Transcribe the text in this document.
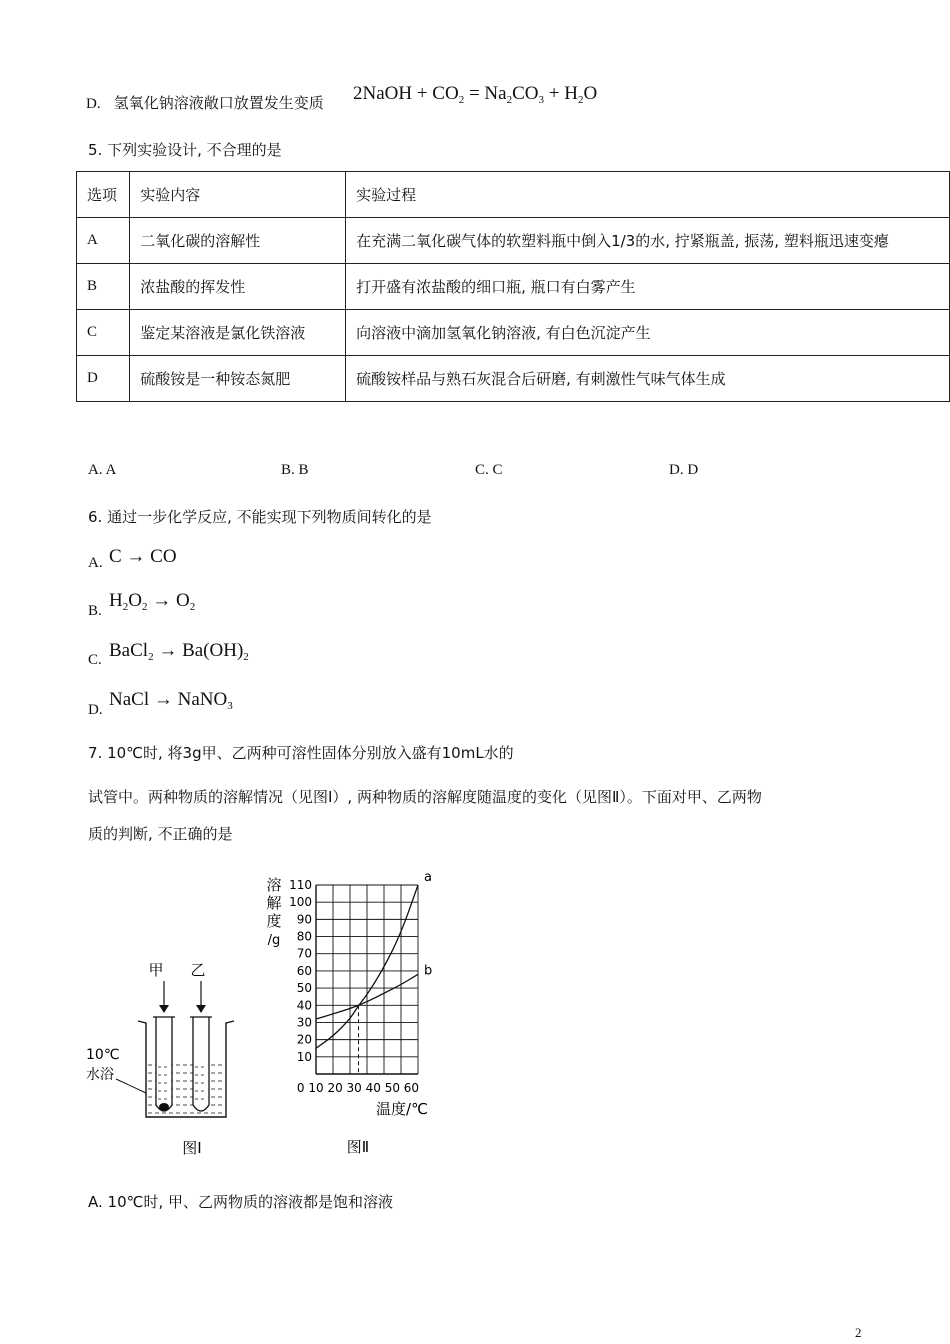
D. 氢氧化钠溶液敞口放置发生变质 2NaOH + $CO_2 = Na_2CO_3 + H_2O$
5. 下列实验设计, 不合理的是
选项	实验内容	实验过程
A	二氧化碳的溶解性	在充满二氧化碳气体的软塑料瓶中倒入1/3的水, 拧紧瓶盖, 振荡, 塑料瓶迅速变瘪
B	浓盐酸的挥发性	打开盛有浓盐酸的细口瓶, 瓶口有白雾产生
C	鉴定某溶液是氯化铁溶液	向溶液中滴加氢氧化钠溶液, 有白色沉淀产生
D	硫酸铵是一种铵态氮肥	硫酸铵样品与熟石灰混合后研磨, 有刺激性气味气体生成
A. A	B. B	C. C	D. D
6. 通过一步化学反应, 不能实现下列物质间转化的是
A. C → CO
B. $H_2O_2 \to O_2$
C. BaCl$_2$ → $Ba(OH)_2$
D. NaCl → NaNO$_3$
7. 10℃时, 将3g甲、乙两种可溶性固体分别放入盛有10mL水的
试管中。两种物质的溶解情况（见图I）, 两种物质的溶解度随温度的变化（见图Ⅱ）。下面对甲、乙两物
质的判断, 不正确的是
甲 乙
10℃
水浴
图Ⅰ
溶
解
度
/g
10
20
30
40
50
60
70
80
90
100
110	a
b
0 10 20 30 40 50 60
温度/℃
图Ⅱ
A. 10℃时, 甲、乙两物质的溶液都是饱和溶液
2
